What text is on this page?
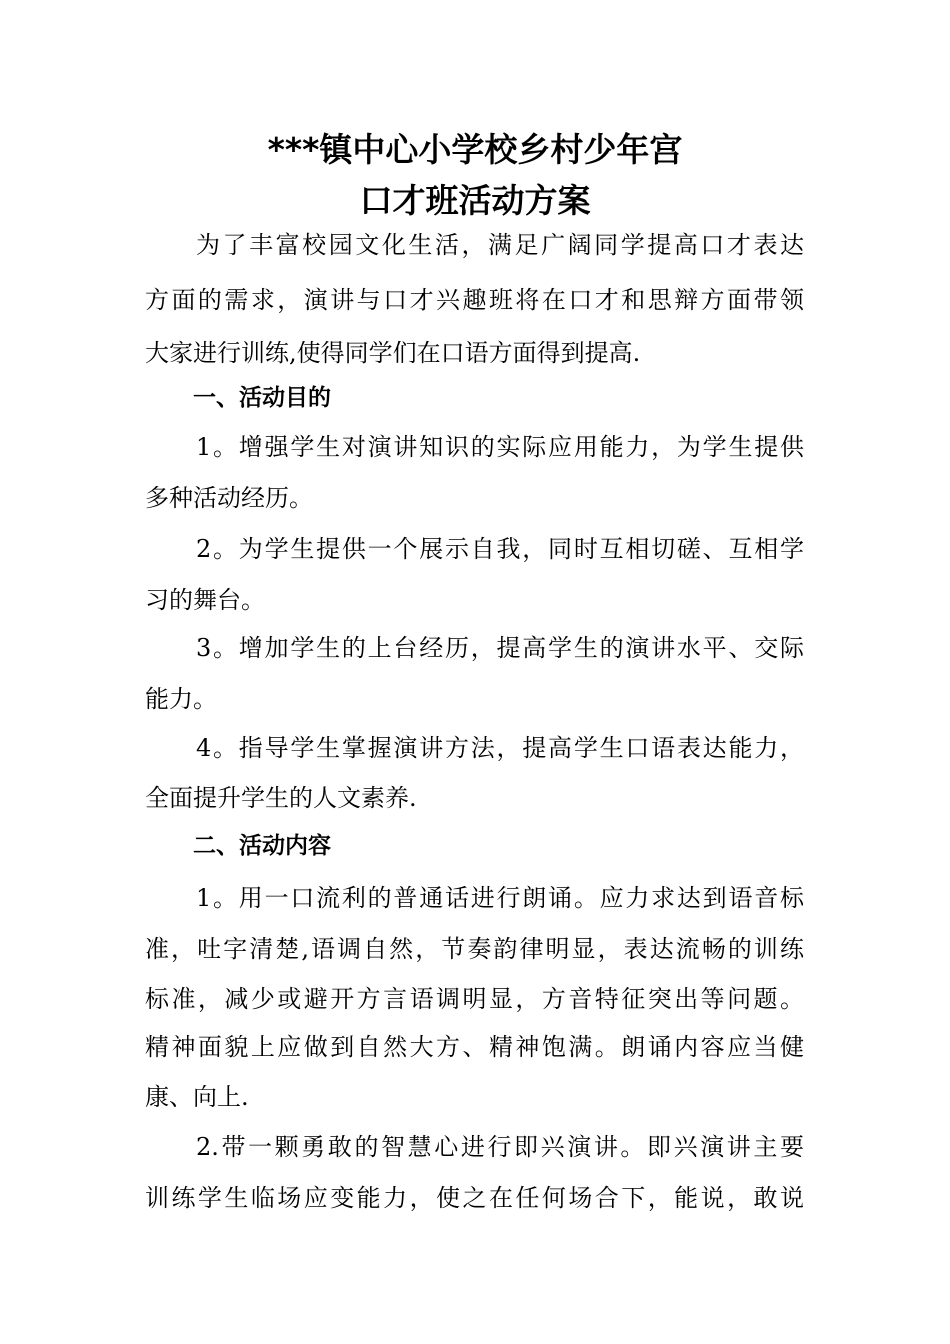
***镇中心小学校乡村少年宫
口才班活动方案
为了丰富校园文化生活，满足广阔同学提高口才表达
方面的需求，演讲与口才兴趣班将在口才和思辩方面带领
大家进行训练,使得同学们在口语方面得到提高.
一、活动目的
1。增强学生对演讲知识的实际应用能力，为学生提供
多种活动经历。
2。为学生提供一个展示自我，同时互相切磋、互相学
习的舞台。
3。增加学生的上台经历，提高学生的演讲水平、交际
能力。
4。指导学生掌握演讲方法，提高学生口语表达能力，
全面提升学生的人文素养.
二、活动内容
1。用一口流利的普通话进行朗诵。应力求达到语音标
准，吐字清楚,语调自然，节奏韵律明显，表达流畅的训练
标准，减少或避开方言语调明显，方音特征突出等问题。
精神面貌上应做到自然大方、精神饱满。朗诵内容应当健
康、向上.
2.带一颗勇敢的智慧心进行即兴演讲。即兴演讲主要
训练学生临场应变能力，使之在任何场合下，能说，敢说
